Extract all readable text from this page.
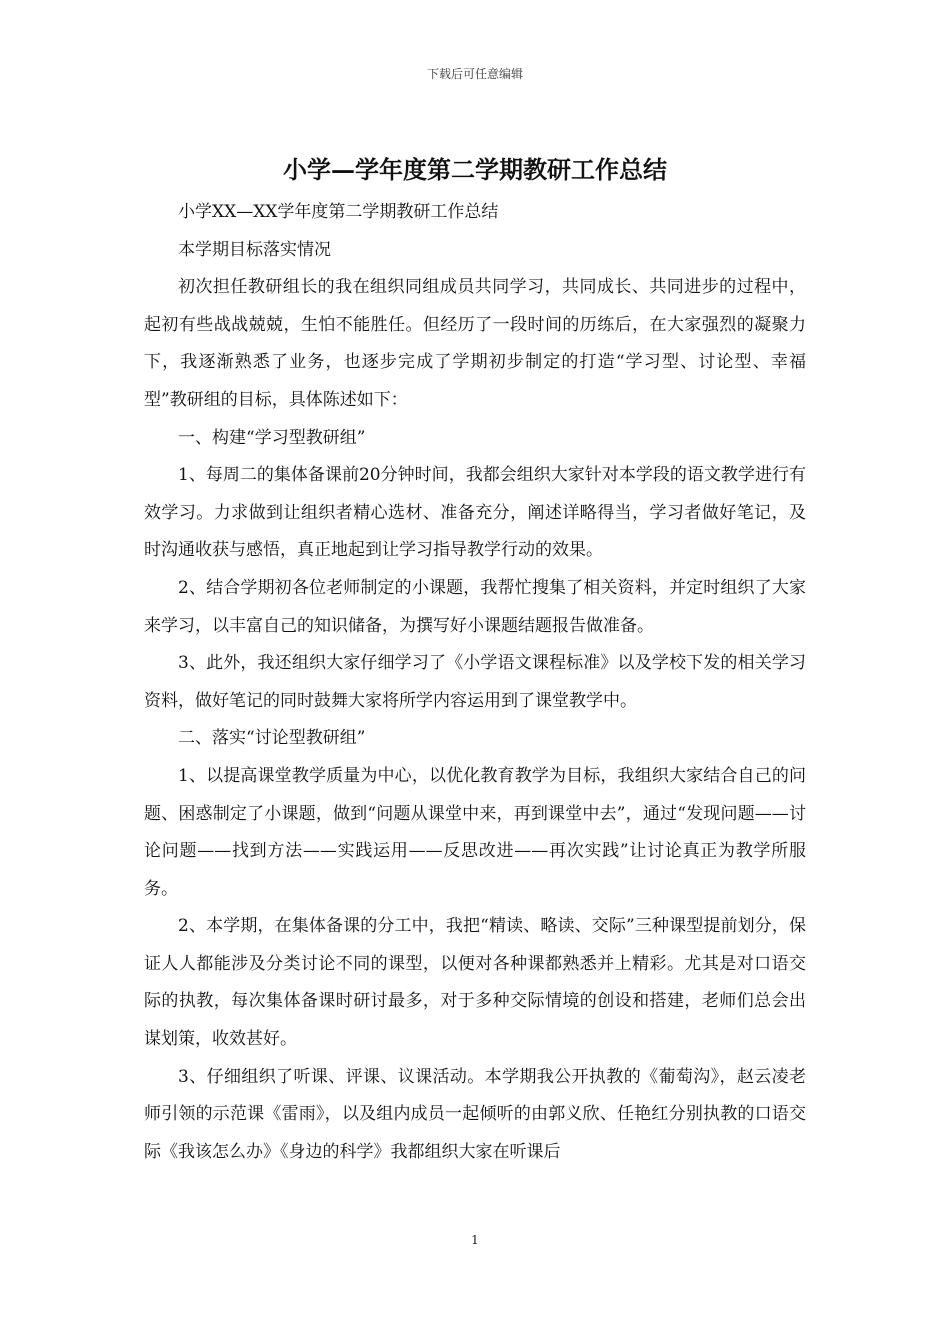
下载后可任意编辑
小学—学年度第二学期教研工作总结

小学XX—XX学年度第二学期教研工作总结

本学期目标落实情况

初次担任教研组长的我在组织同组成员共同学习，共同成长、共同进步的过程中，起初有些战战兢兢，生怕不能胜任。但经历了一段时间的历练后，在大家强烈的凝聚力下，我逐渐熟悉了业务，也逐步完成了学期初步制定的打造“学习型、讨论型、幸福型”教研组的目标，具体陈述如下：

一、构建“学习型教研组”

1、每周二的集体备课前20分钟时间，我都会组织大家针对本学段的语文教学进行有效学习。力求做到让组织者精心选材、准备充分，阐述详略得当，学习者做好笔记，及时沟通收获与感悟，真正地起到让学习指导教学行动的效果。

2、结合学期初各位老师制定的小课题，我帮忙搜集了相关资料，并定时组织了大家来学习，以丰富自己的知识储备，为撰写好小课题结题报告做准备。

3、此外，我还组织大家仔细学习了《小学语文课程标准》以及学校下发的相关学习资料，做好笔记的同时鼓舞大家将所学内容运用到了课堂教学中。

二、落实“讨论型教研组”

1、以提高课堂教学质量为中心，以优化教育教学为目标，我组织大家结合自己的问题、困惑制定了小课题，做到“问题从课堂中来，再到课堂中去”，通过“发现问题——讨论问题——找到方法——实践运用——反思改进——再次实践”让讨论真正为教学所服务。

2、本学期，在集体备课的分工中，我把“精读、略读、交际”三种课型提前划分，保证人人都能涉及分类讨论不同的课型，以便对各种课都熟悉并上精彩。尤其是对口语交际的执教，每次集体备课时研讨最多，对于多种交际情境的创设和搭建，老师们总会出谋划策，收效甚好。

3、仔细组织了听课、评课、议课活动。本学期我公开执教的《葡萄沟》，赵云凌老师引领的示范课《雷雨》，以及组内成员一起倾听的由郭义欣、任艳红分别执教的口语交际《我该怎么办》《身边的科学》我都组织大家在听课后

1
